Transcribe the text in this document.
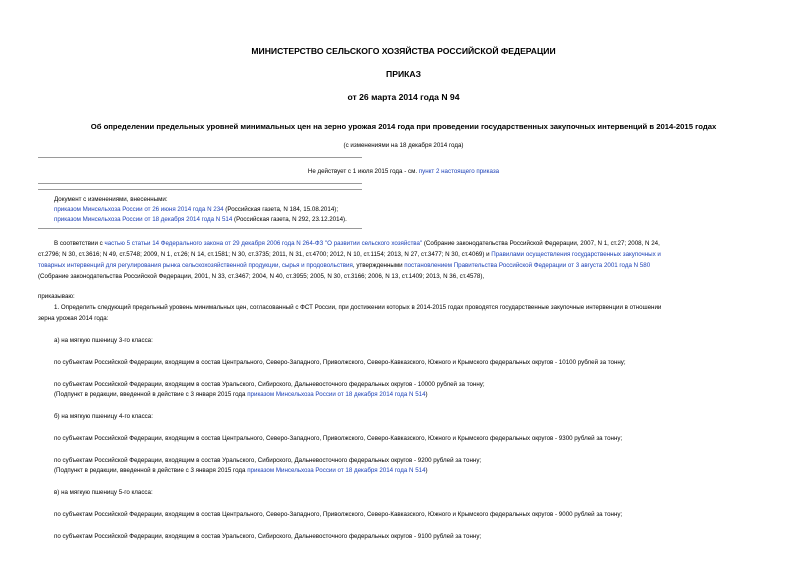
МИНИСТЕРСТВО СЕЛЬСКОГО ХОЗЯЙСТВА РОССИЙСКОЙ ФЕДЕРАЦИИ
ПРИКАЗ
от 26 марта 2014 года N 94
Об определении предельных уровней минимальных цен на зерно урожая 2014 года при проведении государственных закупочных интервенций в 2014-2015 годах
(с изменениями на 18 декабря 2014 года)
Не действует с 1 июля 2015 года - см. пункт 2 настоящего приказа
Документ с изменениями, внесенными:
приказом Минсельхоза России от 26 июня 2014 года N 234 (Российская газета, N 184, 15.08.2014);
приказом Минсельхоза России от 18 декабря 2014 года N 514 (Российская газета, N 292, 23.12.2014).
В соответствии с частью 5 статьи 14 Федерального закона от 29 декабря 2006 года N 264-ФЗ "О развитии сельского хозяйства" (Собрание законодательства Российской Федерации, 2007, N 1, ст.27; 2008, N 24,
ст.2796; N 30, ст.3616; N 49, ст.5748; 2009, N 1, ст.26; N 14, ст.1581; N 30, ст.3735; 2011, N 31, ст.4700; 2012, N 10, ст.1154; 2013, N 27, ст.3477; N 30, ст.4069) и Правилами осуществления государственных закупочных и
товарных интервенций для регулирования рынка сельскохозяйственной продукции, сырья и продовольствия, утвержденными постановлением Правительства Российской Федерации от 3 августа 2001 года N 580
(Собрание законодательства Российской Федерации, 2001, N 33, ст.3467; 2004, N 40, ст.3955; 2005, N 30, ст.3166; 2006, N 13, ст.1409; 2013, N 36, ст.4578),
приказываю:
1. Определить следующий предельный уровень минимальных цен, согласованный с ФСТ России, при достижении которых в 2014-2015 годах проводятся государственные закупочные интервенции в отношении
зерна урожая 2014 года:
а) на мягкую пшеницу 3-го класса:
по субъектам Российской Федерации, входящим в состав Центрального, Северо-Западного, Приволжского, Северо-Кавказского, Южного и Крымского федеральных округов - 10100 рублей за тонну;
по субъектам Российской Федерации, входящим в состав Уральского, Сибирского, Дальневосточного федеральных округов - 10000 рублей за тонну;
(Подпункт в редакции, введенной в действие с 3 января 2015 года приказом Минсельхоза России от 18 декабря 2014 года N 514)
б) на мягкую пшеницу 4-го класса:
по субъектам Российской Федерации, входящим в состав Центрального, Северо-Западного, Приволжского, Северо-Кавказского, Южного и Крымского федеральных округов - 9300 рублей за тонну;
по субъектам Российской Федерации, входящим в состав Уральского, Сибирского, Дальневосточного федеральных округов - 9200 рублей за тонну;
(Подпункт в редакции, введенной в действие с 3 января 2015 года приказом Минсельхоза России от 18 декабря 2014 года N 514)
в) на мягкую пшеницу 5-го класса:
по субъектам Российской Федерации, входящим в состав Центрального, Северо-Западного, Приволжского, Северо-Кавказского, Южного и Крымского федеральных округов - 9000 рублей за тонну;
по субъектам Российской Федерации, входящим в состав Уральского, Сибирского, Дальневосточного федеральных округов - 9100 рублей за тонну;
